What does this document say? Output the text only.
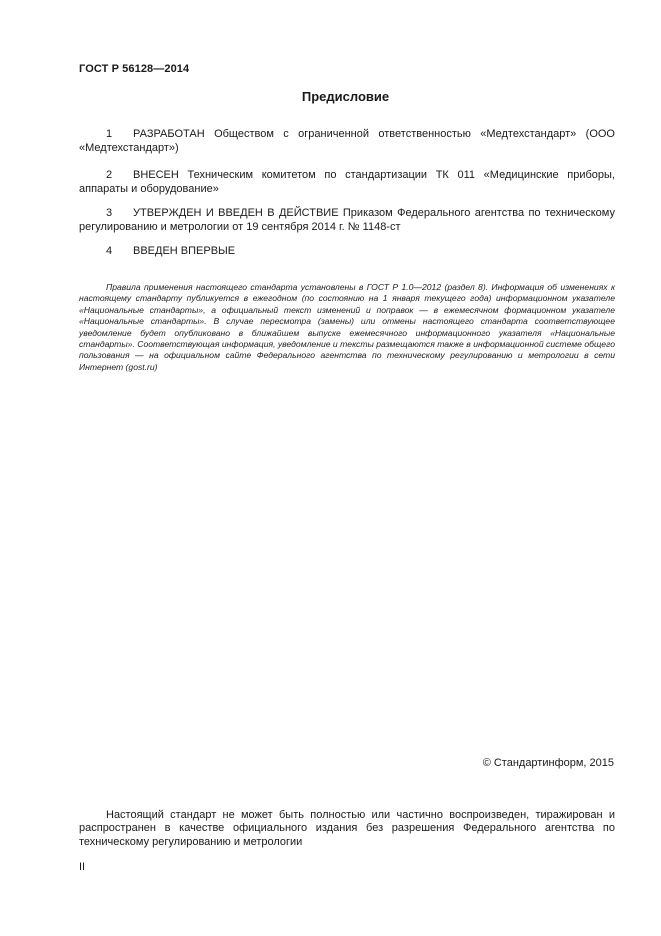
ГОСТ Р 56128—2014
Предисловие
1 РАЗРАБОТАН Обществом с ограниченной ответственностью «Медтехстандарт» (ООО «Медтехстандарт»)
2 ВНЕСЕН Техническим комитетом по стандартизации ТК 011 «Медицинские приборы, аппараты и оборудование»
3 УТВЕРЖДЕН И ВВЕДЕН В ДЕЙСТВИЕ Приказом Федерального агентства по техническому регулированию и метрологии от 19 сентября 2014 г. № 1148-ст
4 ВВЕДЕН ВПЕРВЫЕ
Правила применения настоящего стандарта установлены в ГОСТ Р 1.0—2012 (раздел 8). Информация об изменениях к настоящему стандарту публикуется в ежегодном (по состоянию на 1 января текущего года) информационном указателе «Национальные стандарты», а официальный текст изменений и поправок — в ежемесячном формационном указателе «Национальные стандарты». В случае пересмотра (замены) или отмены настоящего стандарта соответствующее уведомление будет опубликовано в ближайшем выпуске ежемесячного информационного указателя «Национальные стандарты». Соответствующая информация, уведомление и тексты размещаются также в информационной системе общего пользования — на официальном сайте Федерального агентства по техническому регулированию и метрологии в сети Интернет (gost.ru)
© Стандартинформ, 2015
Настоящий стандарт не может быть полностью или частично воспроизведен, тиражирован и распространен в качестве официального издания без разрешения Федерального агентства по техническому регулированию и метрологии
II
